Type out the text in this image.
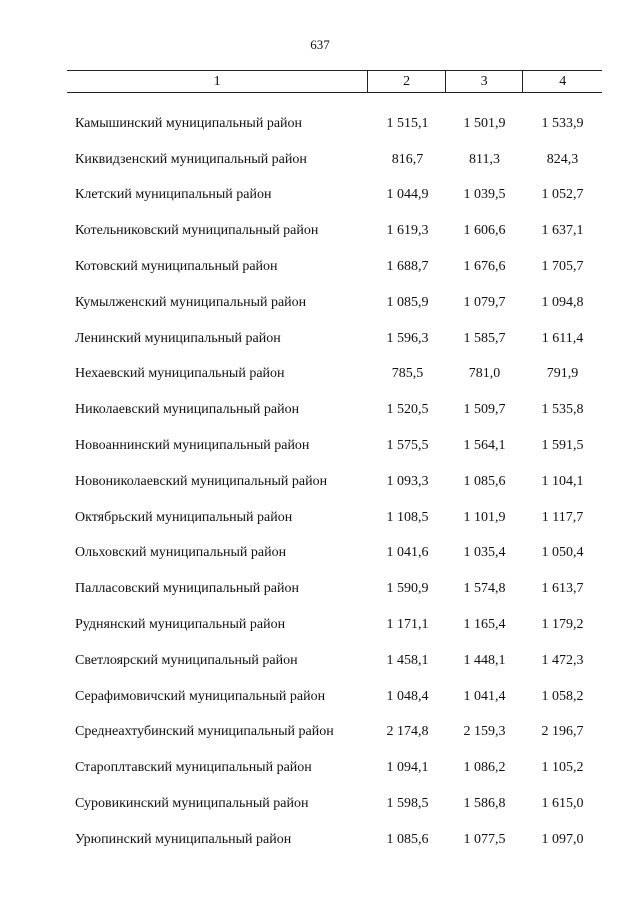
637
1	2	3	4
Камышинский муниципальный район	1 515,1	1 501,9	1 533,9
Киквидзенский муниципальный район	816,7	811,3	824,3
Клетский муниципальный район	1 044,9	1 039,5	1 052,7
Котельниковский муниципальный район	1 619,3	1 606,6	1 637,1
Котовский муниципальный район	1 688,7	1 676,6	1 705,7
Кумылженский муниципальный район	1 085,9	1 079,7	1 094,8
Ленинский муниципальный район	1 596,3	1 585,7	1 611,4
Нехаевский муниципальный район	785,5	781,0	791,9
Николаевский муниципальный район	1 520,5	1 509,7	1 535,8
Новоаннинский муниципальный район	1 575,5	1 564,1	1 591,5
Новониколаевский муниципальный район	1 093,3	1 085,6	1 104,1
Октябрьский муниципальный район	1 108,5	1 101,9	1 117,7
Ольховский муниципальный район	1 041,6	1 035,4	1 050,4
Палласовский муниципальный район	1 590,9	1 574,8	1 613,7
Руднянский муниципальный район	1 171,1	1 165,4	1 179,2
Светлоярский муниципальный район	1 458,1	1 448,1	1 472,3
Серафимовичский муниципальный район	1 048,4	1 041,4	1 058,2
Среднеахтубинский муниципальный район	2 174,8	2 159,3	2 196,7
Староплтавский муниципальный район	1 094,1	1 086,2	1 105,2
Суровикинский муниципальный район	1 598,5	1 586,8	1 615,0
Урюпинский муниципальный район	1 085,6	1 077,5	1 097,0
